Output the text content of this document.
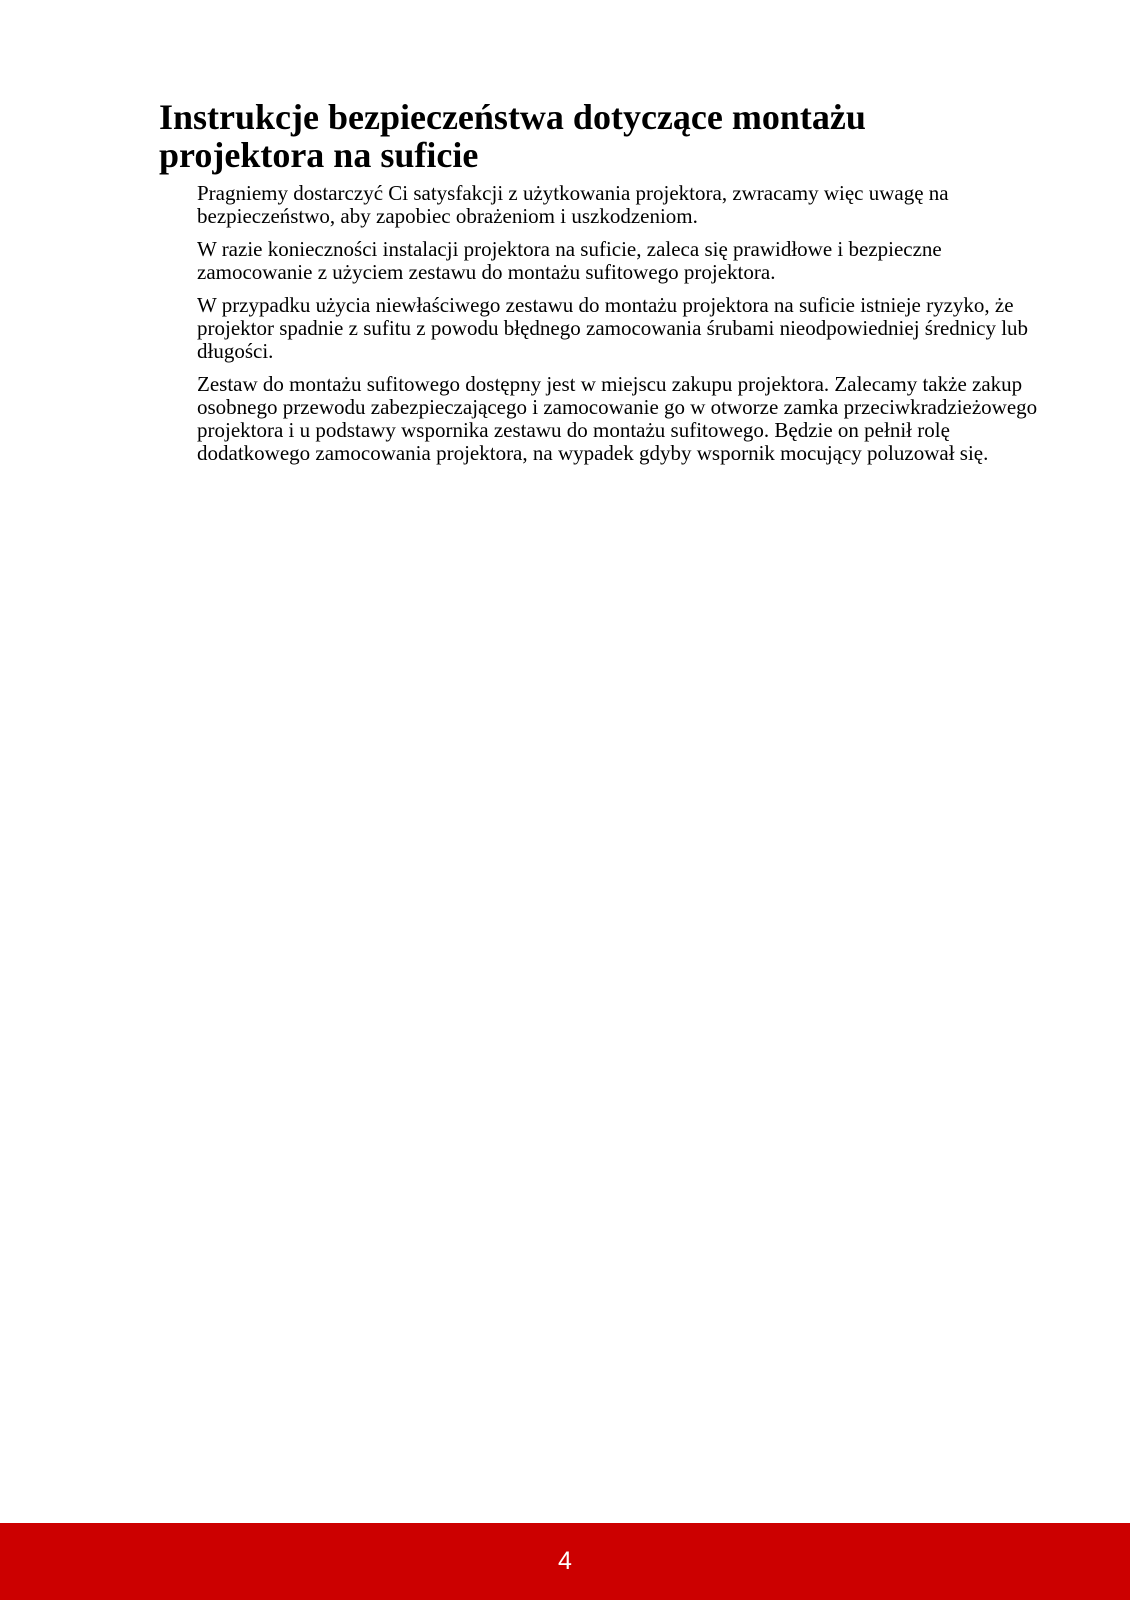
Instrukcje bezpieczeństwa dotyczące montażu projektora na suficie

Pragniemy dostarczyć Ci satysfakcji z użytkowania projektora, zwracamy więc uwagę na bezpieczeństwo, aby zapobiec obrażeniom i uszkodzeniom.

W razie konieczności instalacji projektora na suficie, zaleca się prawidłowe i bezpieczne zamocowanie z użyciem zestawu do montażu sufitowego projektora.

W przypadku użycia niewłaściwego zestawu do montażu projektora na suficie istnieje ryzyko, że projektor spadnie z sufitu z powodu błędnego zamocowania śrubami nieodpowiedniej średnicy lub długości.

Zestaw do montażu sufitowego dostępny jest w miejscu zakupu projektora. Zalecamy także zakup osobnego przewodu zabezpieczającego i zamocowanie go w otworze zamka przeciwkradzieżowego projektora i u podstawy wspornika zestawu do montażu sufitowego. Będzie on pełnił rolę dodatkowego zamocowania projektora, na wypadek gdyby wspornik mocujący poluzował się.

4
